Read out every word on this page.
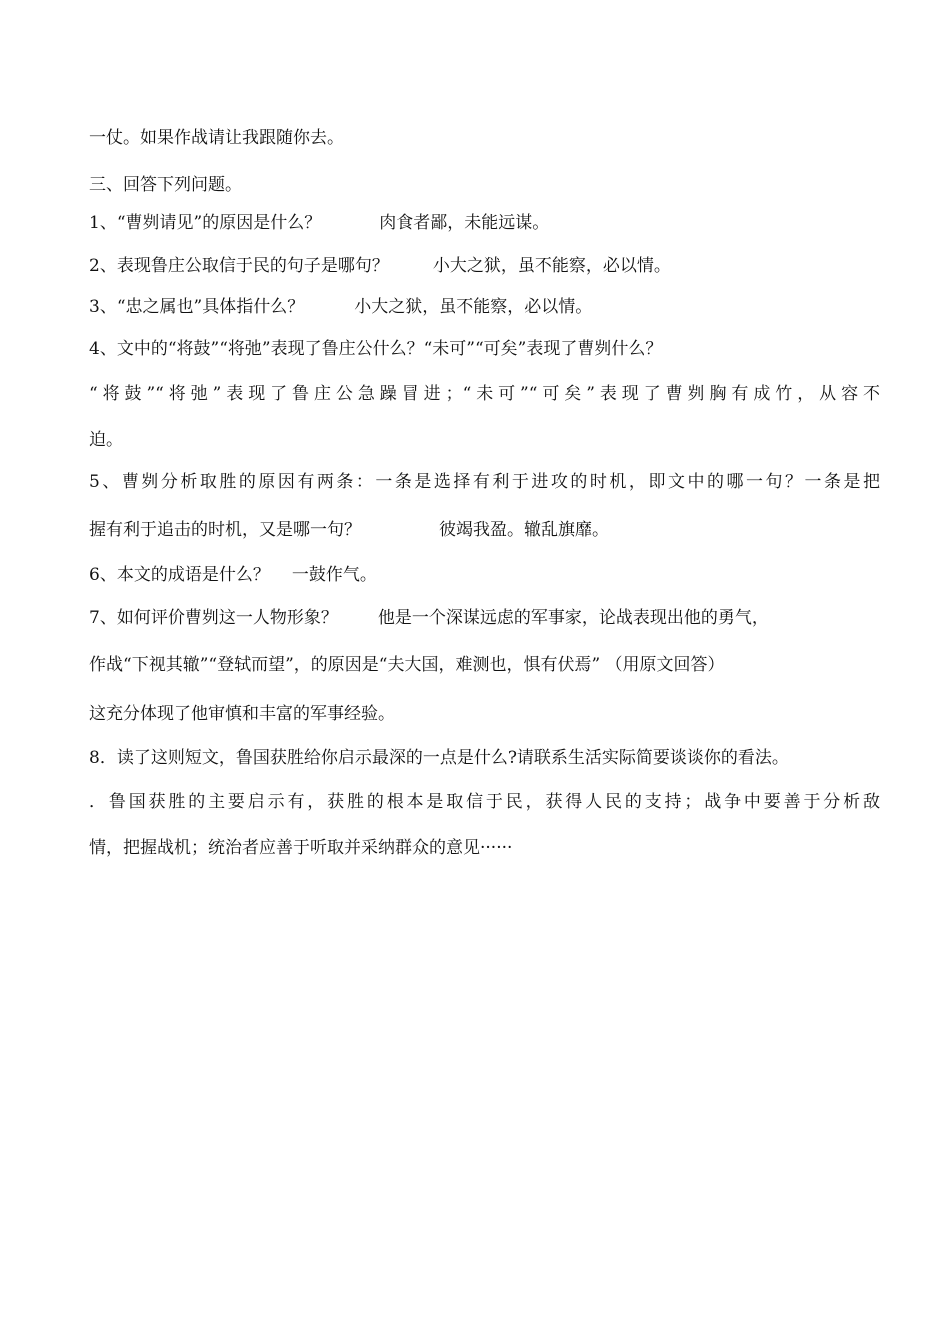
一仗。如果作战请让我跟随你去。
三、回答下列问题。
1、“曹刿请见”的原因是什么？	肉食者鄙，未能远谋。
2、表现鲁庄公取信于民的句子是哪句？	小大之狱，虽不能察，必以情。
3、“忠之属也”具体指什么？	小大之狱，虽不能察，必以情。
4、文中的“将鼓”“将弛”表现了鲁庄公什么？“未可”“可矣”表现了曹刿什么？
“将鼓”“将弛”表现了鲁庄公急躁冒进；“未可”“可矣”表现了曹刿胸有成竹，从容不
迫。
5、曹刿分析取胜的原因有两条：一条是选择有利于进攻的时机，即文中的哪一句？一条是把
握有利于追击的时机，又是哪一句？	彼竭我盈。辙乱旗靡。
6、本文的成语是什么？ 一鼓作气。
7、如何评价曹刿这一人物形象？ 他是一个深谋远虑的军事家，论战表现出他的勇气，
作战“下视其辙”“登轼而望”，的原因是“夫大国，难测也，惧有伏焉” （用原文回答）
这充分体现了他审慎和丰富的军事经验。
8．读了这则短文，鲁国获胜给你启示最深的一点是什么?请联系生活实际简要谈谈你的看法。
．鲁国获胜的主要启示有，获胜的根本是取信于民，获得人民的支持；战争中要善于分析敌
情，把握战机；统治者应善于听取并采纳群众的意见······
